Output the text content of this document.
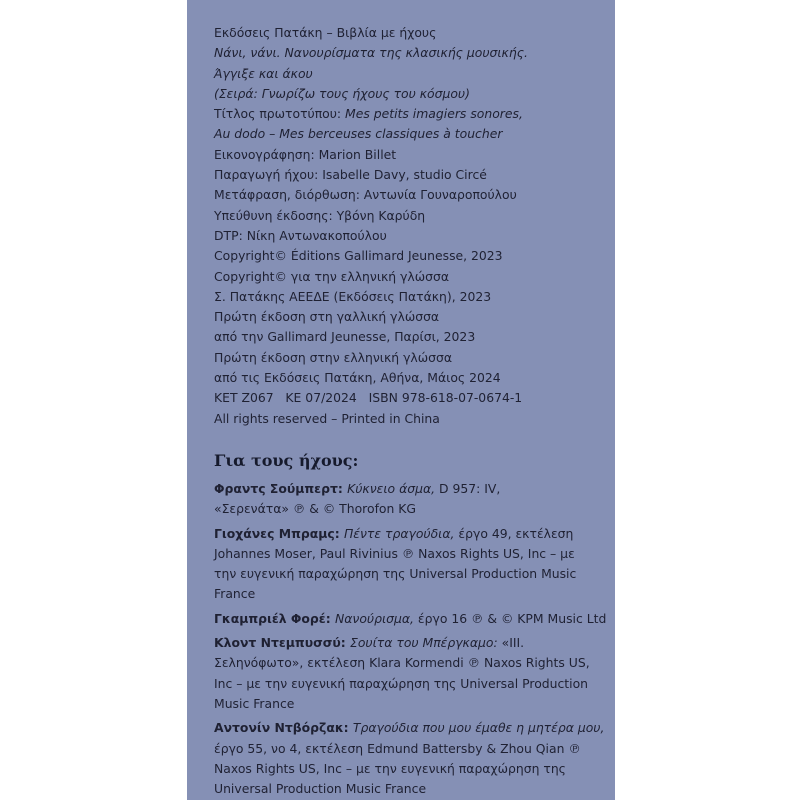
Εκδόσεις Πατάκη – Βιβλία με ήχους
Νάνι, νάνι. Νανουρίσματα της κλασικής μουσικής.
Άγγιξε και άκου
(Σειρά: Γνωρίζω τους ήχους του κόσμου)
Τίτλος πρωτοτύπου: Mes petits imagiers sonores,
Au dodo – Mes berceuses classiques à toucher
Εικονογράφηση: Marion Billet
Παραγωγή ήχου: Isabelle Davy, studio Circé
Μετάφραση, διόρθωση: Αντωνία Γουναροπούλου
Υπεύθυνη έκδοσης: Υβόνη Καρύδη
DTP: Νίκη Αντωνακοπούλου
Copyright© Éditions Gallimard Jeunesse, 2023
Copyright© για την ελληνική γλώσσα
Σ. Πατάκης ΑΕΕΔΕ (Εκδόσεις Πατάκη), 2023
Πρώτη έκδοση στη γαλλική γλώσσα
από την Gallimard Jeunesse, Παρίσι, 2023
Πρώτη έκδοση στην ελληνική γλώσσα
από τις Εκδόσεις Πατάκη, Αθήνα, Μάιος 2024
KET Z067   KE 07/2024   ISBN 978-618-07-0674-1
All rights reserved – Printed in China
Για τους ήχους:
Φραντς Σούμπερτ: Κύκνειο άσμα, D 957: IV,
«Σερενάτα» ℗ & © Thorofon KG
Γιοχάνες Μπραμς: Πέντε τραγούδια, έργο 49, εκτέλεση
Johannes Moser, Paul Rivinius ℗ Naxos Rights US, Inc – με
την ευγενική παραχώρηση της Universal Production Music
France
Γκαμπριέλ Φορέ: Νανούρισμα, έργο 16 ℗ & © KPM Music Ltd
Κλοντ Ντεμπυσσύ: Σουίτα του Μπέργκαμο: «III.
Σεληνόφωτο», εκτέλεση Klara Kormendi ℗ Naxos Rights US,
Inc – με την ευγενική παραχώρηση της Universal Production
Music France
Αντονίν Ντβόρζακ: Τραγούδια που μου έμαθε η μητέρα μου,
έργο 55, νο 4, εκτέλεση Edmund Battersby & Zhou Qian ℗
Naxos Rights US, Inc – με την ευγενική παραχώρηση της
Universal Production Music France
